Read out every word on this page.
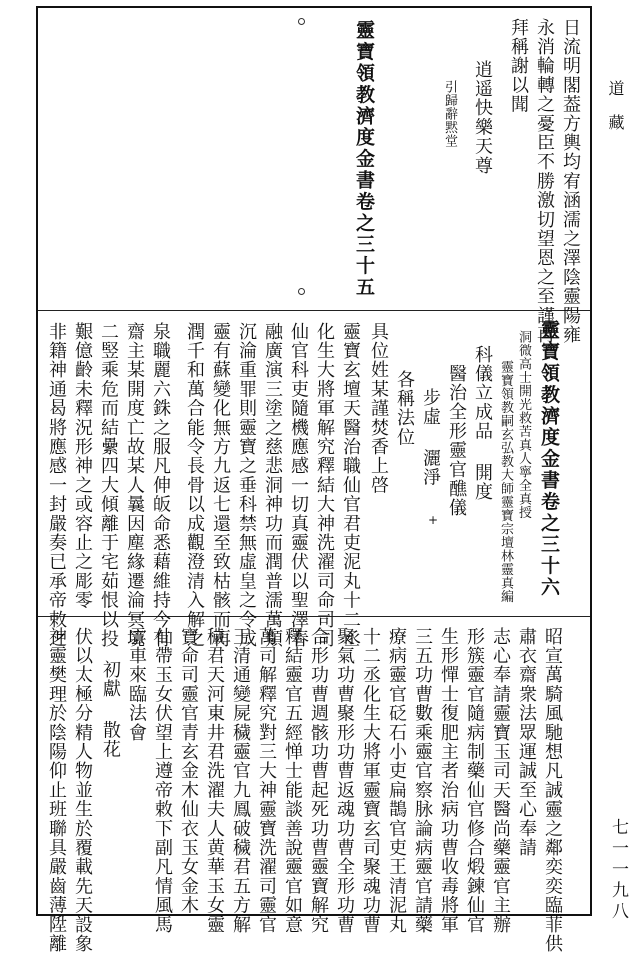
道藏
七一一九八
日流明閣葢方輿均宥涵濡之澤陰靈陽雍
永消輪轉之憂臣不勝激切望恩之至謹再
拜稱謝以聞
逍遥快樂天尊
引歸辭黙堂
靈寶領教濟度金書卷之三十五
靈寶領教濟度金書卷之三十六
洞微高士開光救苦真人寧全真授
靈寶領教嗣玄弘教大師靈寶宗壇林靈真編
科儀立成品 開度
醫治全形靈官醮儀
步虛 灑淨
各稱法位
具位姓某謹焚香上啓
+
靈寶玄壇天醫治職仙官君吏泥丸十二丞
化生大將軍解究釋結大神洗濯司命司司
仙官科吏隨機應感一切真靈伏以聖澤春
融廣演三塗之慈悲洞神功而潤普濡萬類
沉淪重罪則靈寶之垂科禁無虛皇之令成
靈有蘇變化無方九返七還至致枯骸而再
潤千和萬合能令長骨以成觀澄清入解之
泉職麗六銖之服凡伸皈命悉藉維持今有
齋主某開度亡故某人曩因塵緣遷淪冥境
二竪乘危而結纍四大傾離于宅茹恨以投
艱億齡未釋況形神之或容止之彫零
非籍神通曷將應感一封嚴奏已承帝敕之
昭宣萬騎風馳想凡誠靈之鄰奕奕臨菲供
肅衣齋衆法眾運誠至心奉請
志心奉請靈寶玉司天醫尚藥靈官主辦
形簇靈官隨病制藥仙官修合煅鍊仙官
生形憚士復肥主者治病功曹收毒將軍
三五功曹數乘靈官察脉論病靈官請藥
療病靈官砭石小吏扁鵲官吏王清泥丸
十二丞化生大將軍靈寶玄司聚魂功曹
聚氣功曹聚形功曹返魂功曹全形功曹
合形功曹週骸功曹起死功曹靈寶解究
釋結靈官五經惮士能談善說靈官如意
萬司解釋究對三大神靈寶洗濯司靈官
王清通變屍穢靈官九鳳破穢君五方解
穢君天河東井君洗濯夫人黄華玉女靈
寶命司靈官青玄金木仙衣玉女金木
仙帶玉女伏望上遵帝敕下副凡情風馬
雲車來臨法會
初獻 散花
伏以太極分精人物並生於覆載先天設象
神靈樊理於陰陽仰止班聯具嚴齒薄陞離
